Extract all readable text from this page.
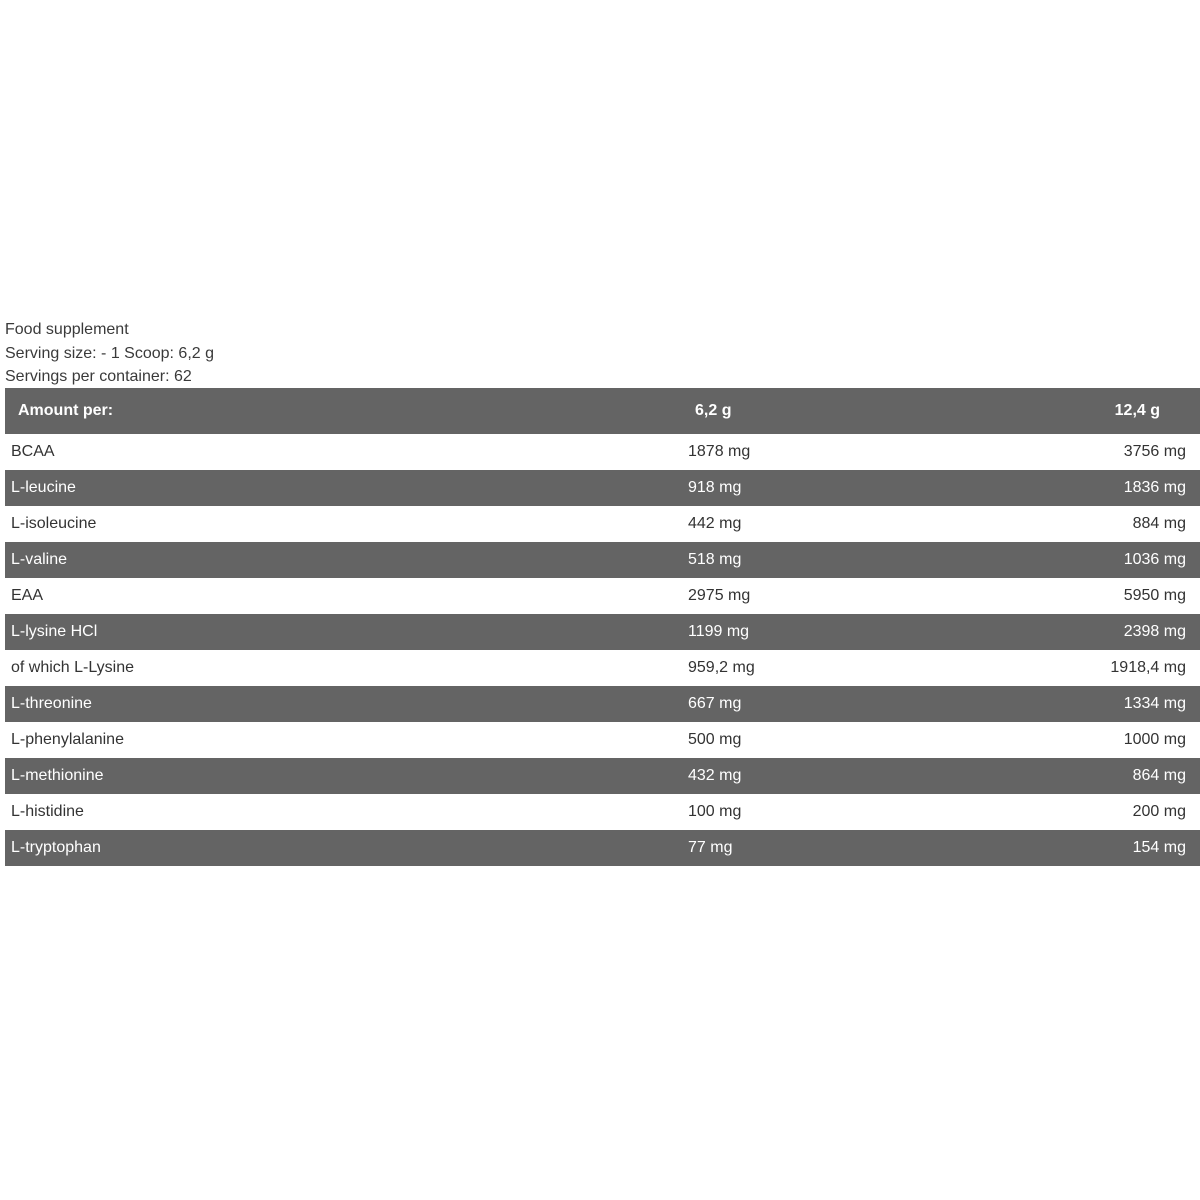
Food supplement
Serving size: - 1 Scoop: 6,2 g
Servings per container: 62
Amount per:	6,2 g	12,4 g
BCAA	1878 mg	3756 mg
L-leucine	918 mg	1836 mg
L-isoleucine	442 mg	884 mg
L-valine	518 mg	1036 mg
EAA	2975 mg	5950 mg
L-lysine HCl	1199 mg	2398 mg
of which L-Lysine	959,2 mg	1918,4 mg
L-threonine	667 mg	1334 mg
L-phenylalanine	500 mg	1000 mg
L-methionine	432 mg	864 mg
L-histidine	100 mg	200 mg
L-tryptophan	77 mg	154 mg
